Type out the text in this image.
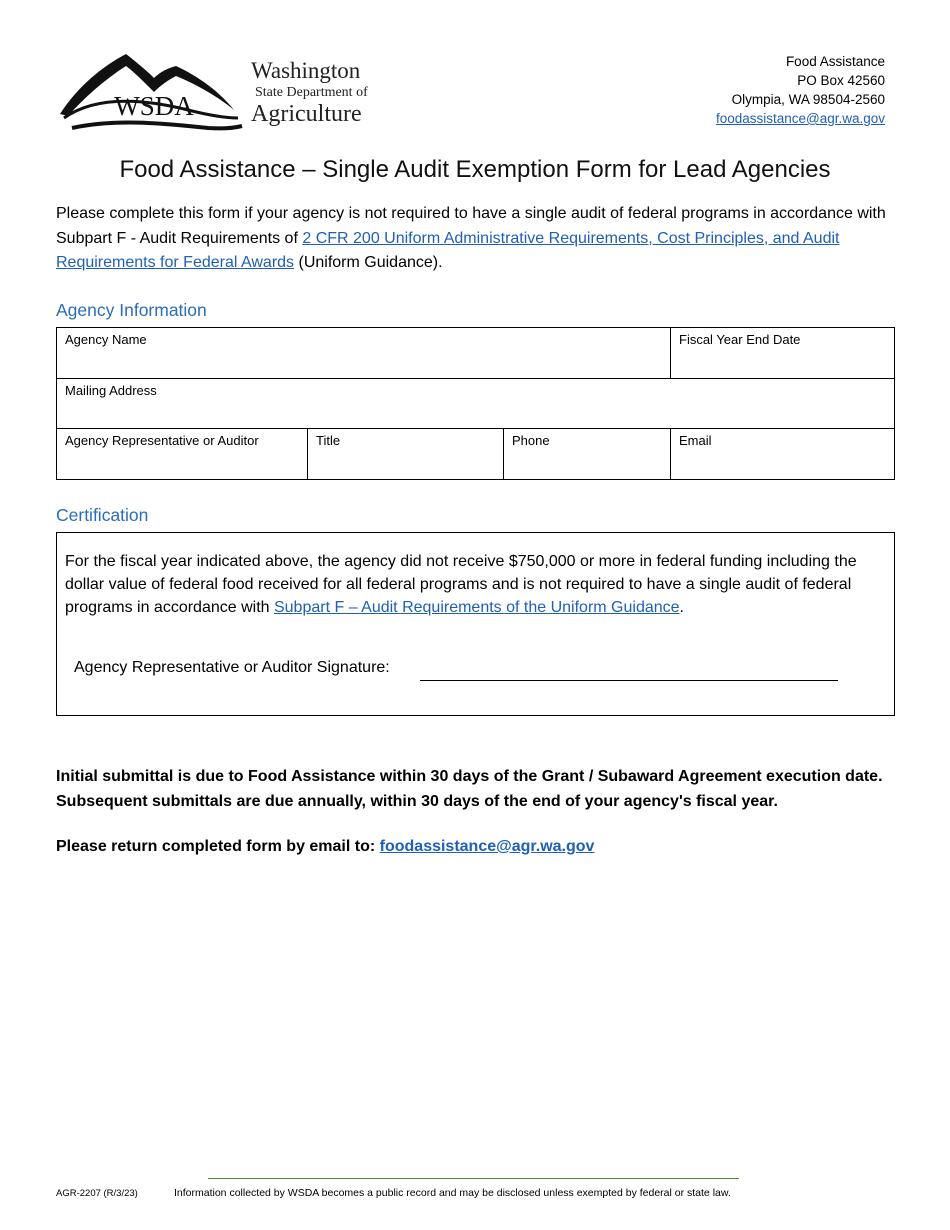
WSDA
Washington
State Department of
Agriculture
Food Assistance
PO Box 42560
Olympia, WA 98504-2560
foodassistance@agr.wa.gov
Food Assistance – Single Audit Exemption Form for Lead Agencies
Please complete this form if your agency is not required to have a single audit of federal programs in accordance with Subpart F - Audit Requirements of 2 CFR 200 Uniform Administrative Requirements, Cost Principles, and Audit Requirements for Federal Awards (Uniform Guidance).
Agency Information
Agency Name	Fiscal Year End Date
Mailing Address
Agency Representative or Auditor	Title	Phone	Email
Certification
For the fiscal year indicated above, the agency did not receive $750,000 or more in federal funding including the dollar value of federal food received for all federal programs and is not required to have a single audit of federal programs in accordance with Subpart F – Audit Requirements of the Uniform Guidance.
Agency Representative or Auditor Signature:
Initial submittal is due to Food Assistance within 30 days of the Grant / Subaward Agreement execution date. Subsequent submittals are due annually, within 30 days of the end of your agency's fiscal year.
Please return completed form by email to: foodassistance@agr.wa.gov
AGR-2207 (R/3/23)	Information collected by WSDA becomes a public record and may be disclosed unless exempted by federal or state law.
